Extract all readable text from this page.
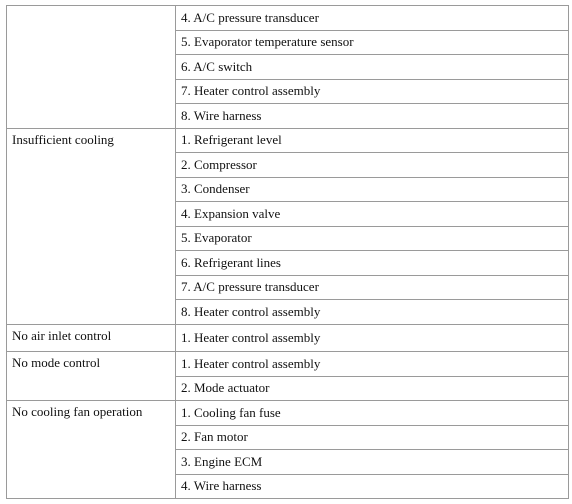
	4. A/C pressure transducer
	5. Evaporator temperature sensor
	6. A/C switch
	7. Heater control assembly
	8. Wire harness
Insufficient cooling	1. Refrigerant level
	2. Compressor
	3. Condenser
	4. Expansion valve
	5. Evaporator
	6. Refrigerant lines
	7. A/C pressure transducer
	8. Heater control assembly
No air inlet control	1. Heater control assembly
No mode control	1. Heater control assembly
	2. Mode actuator
No cooling fan operation	1. Cooling fan fuse
	2. Fan motor
	3. Engine ECM
	4. Wire harness
